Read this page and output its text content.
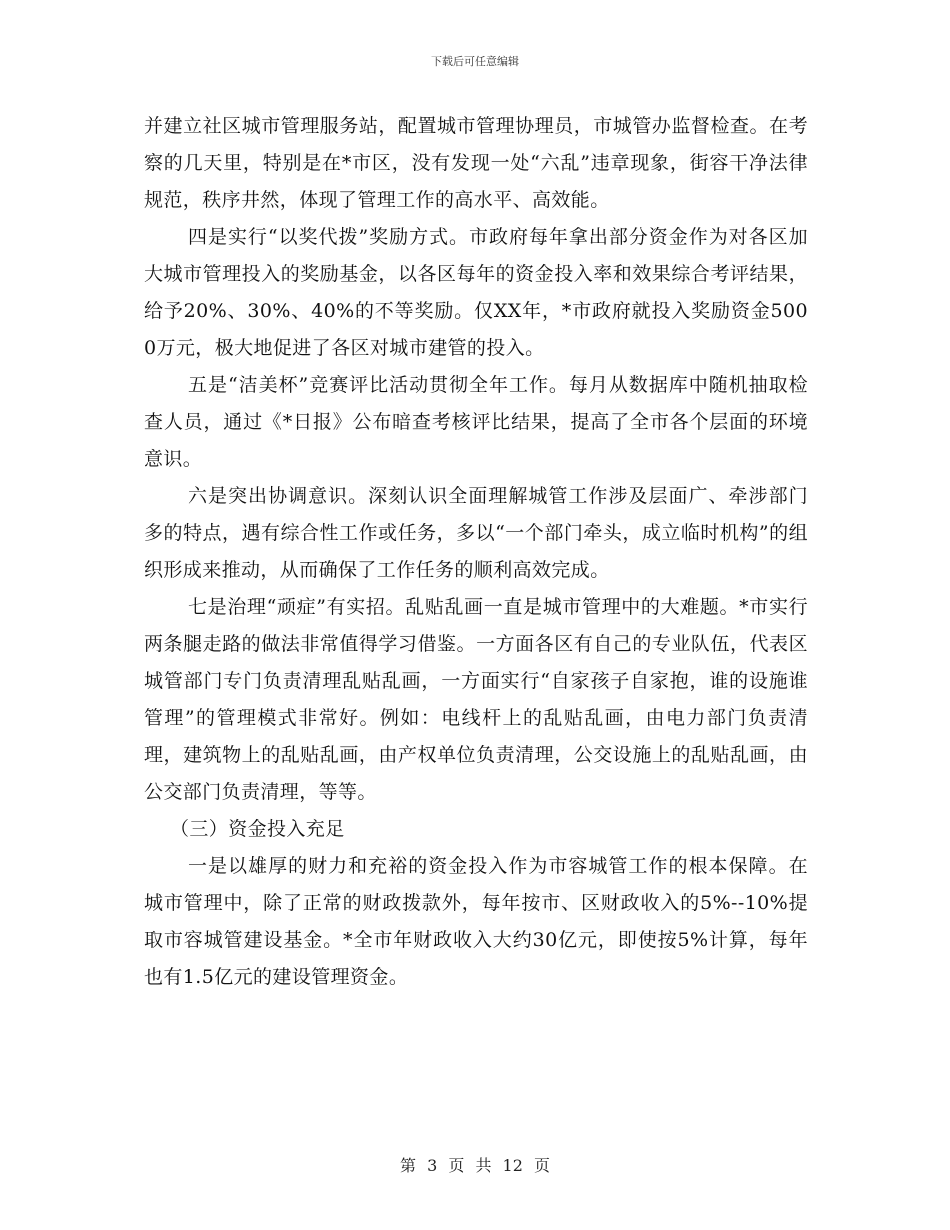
下载后可任意编辑

并建立社区城市管理服务站，配置城市管理协理员，市城管办监督检查。在考察的几天里，特别是在*市区，没有发现一处“六乱”违章现象，街容干净法律规范，秩序井然，体现了管理工作的高水平、高效能。

四是实行“以奖代拨”奖励方式。市政府每年拿出部分资金作为对各区加大城市管理投入的奖励基金，以各区每年的资金投入率和效果综合考评结果，给予20%、30%、40%的不等奖励。仅XX年，*市政府就投入奖励资金5000万元，极大地促进了各区对城市建管的投入。

五是“洁美杯”竞赛评比活动贯彻全年工作。每月从数据库中随机抽取检查人员，通过《*日报》公布暗查考核评比结果，提高了全市各个层面的环境意识。

六是突出协调意识。深刻认识全面理解城管工作涉及层面广、牵涉部门多的特点，遇有综合性工作或任务，多以“一个部门牵头，成立临时机构”的组织形成来推动，从而确保了工作任务的顺利高效完成。

七是治理“顽症”有实招。乱贴乱画一直是城市管理中的大难题。*市实行两条腿走路的做法非常值得学习借鉴。一方面各区有自己的专业队伍，代表区城管部门专门负责清理乱贴乱画，一方面实行“自家孩子自家抱，谁的设施谁管理”的管理模式非常好。例如：电线杆上的乱贴乱画，由电力部门负责清理，建筑物上的乱贴乱画，由产权单位负责清理，公交设施上的乱贴乱画，由公交部门负责清理，等等。

（三）资金投入充足

一是以雄厚的财力和充裕的资金投入作为市容城管工作的根本保障。在城市管理中，除了正常的财政拨款外，每年按市、区财政收入的5%--10%提取市容城管建设基金。*全市年财政收入大约30亿元，即使按5%计算，每年也有1.5亿元的建设管理资金。

第 3 页 共 12 页
